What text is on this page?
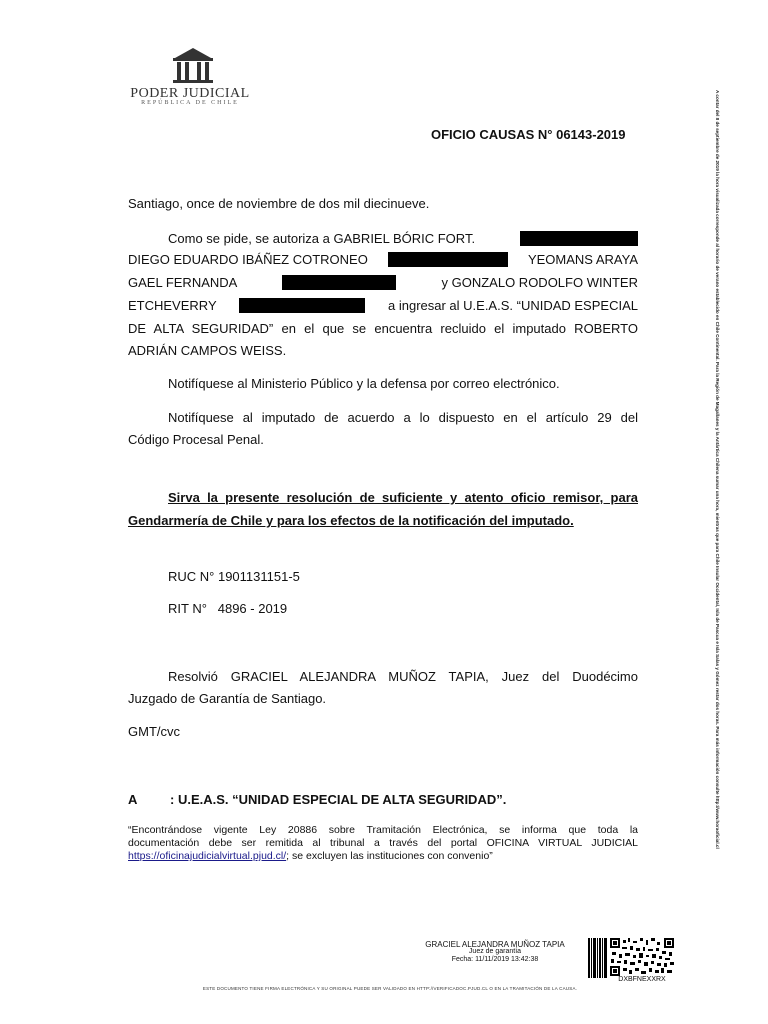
PODER JUDICIAL
REPÚBLICA DE CHILE
OFICIO CAUSAS N° 06143-2019
Santiago, once de noviembre de dos mil diecinueve.
Como se pide, se autoriza a GABRIEL BÓRIC FORT.
DIEGO EDUARDO IBÁÑEZ COTRONEO	YEOMANS ARAYA
GAEL FERNANDA	y GONZALO RODOLFO WINTER
ETCHEVERRY	a ingresar al U.E.A.S. “UNIDAD ESPECIAL
DE ALTA SEGURIDAD” en el que se encuentra recluido el imputado ROBERTO
ADRIÁN CAMPOS WEISS.
Notifíquese al Ministerio Público y la defensa por correo electrónico.
Notifíquese al imputado de acuerdo a lo dispuesto en el artículo 29 del
Código Procesal Penal.
Sirva la presente resolución de suficiente y atento oficio remisor, para
Gendarmería de Chile y para los efectos de la notificación del imputado.
RUC N° 1901131151-5
RIT N°   4896 - 2019
Resolvió GRACIEL ALEJANDRA MUÑOZ TAPIA, Juez del Duodécimo
Juzgado de Garantía de Santiago.
GMT/cvc
A	: U.E.A.S. “UNIDAD ESPECIAL DE ALTA SEGURIDAD”.
“Encontrándose vigente Ley 20886 sobre Tramitación Electrónica, se informa que toda la
documentación debe ser remitida al tribunal a través del portal OFICINA VIRTUAL JUDICIAL
https://oficinajudicialvirtual.pjud.cl/; se excluyen las instituciones con convenio”
A contar del 8 de septiembre de 2019 la hora visualizada corresponde al horario de verano establecido en Chile Continental. Para la Región de Magallanes y la Antártica Chilena sumar una hora, mientras que para Chile Insular Occidental, Isla de Pascua e Isla Salas y Gómez restar dos horas. Para más información consulte http://www.horaoficial.cl
GRACIEL ALEJANDRA MUÑOZ TAPIA
Juez de garantía
Fecha: 11/11/2019 13:42:38
DXBFNEXXRX
ESTE DOCUMENTO TIENE FIRMA ELECTRÓNICA Y SU ORIGINAL PUEDE SER VALIDADO EN HTTP://VERIFICADOC.PJUD.CL O EN LA TRAMITACIÓN DE LA CAUSA.
